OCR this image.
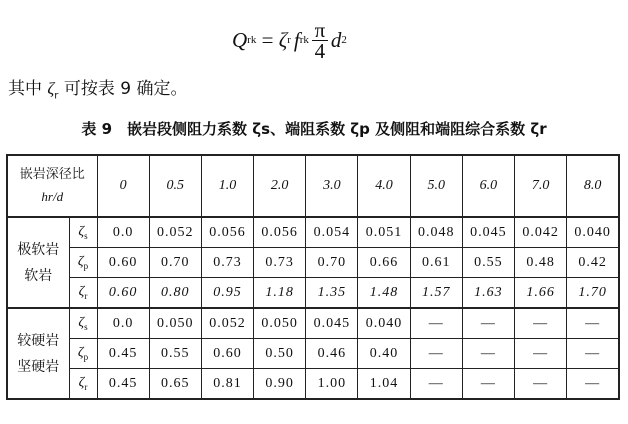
Q rk = ζ r f rk $\frac{\pi}{4}$ d 2
其中 $\zeta_r$ 可按表 9 确定。
表 9　嵌岩段侧阻力系数 ζs、端阻系数 ζp 及侧阻和端阻综合系数 ζr
嵌岩深径比
hr/d		0	0.5	1.0	2.0	3.0	4.0	5.0	6.0	7.0	8.0

极软岩
软岩	$\zeta_s$	0.0	0.052	0.056	0.056	0.054	0.051	0.048	0.045	0.042	0.040
	$\zeta_p$	0.60	0.70	0.73	0.73	0.70	0.66	0.61	0.55	0.48	0.42
	$\zeta_r$	0.60	0.80	0.95	1.18	1.35	1.48	1.57	1.63	1.66	1.70

较硬岩
坚硬岩	$\zeta_s$	0.0	0.050	0.052	0.050	0.045	0.040	—	—	—	—
	$\zeta_p$	0.45	0.55	0.60	0.50	0.46	0.40	—	—	—	—
	$\zeta_r$	0.45	0.65	0.81	0.90	1.00	1.04	—	—	—	—
